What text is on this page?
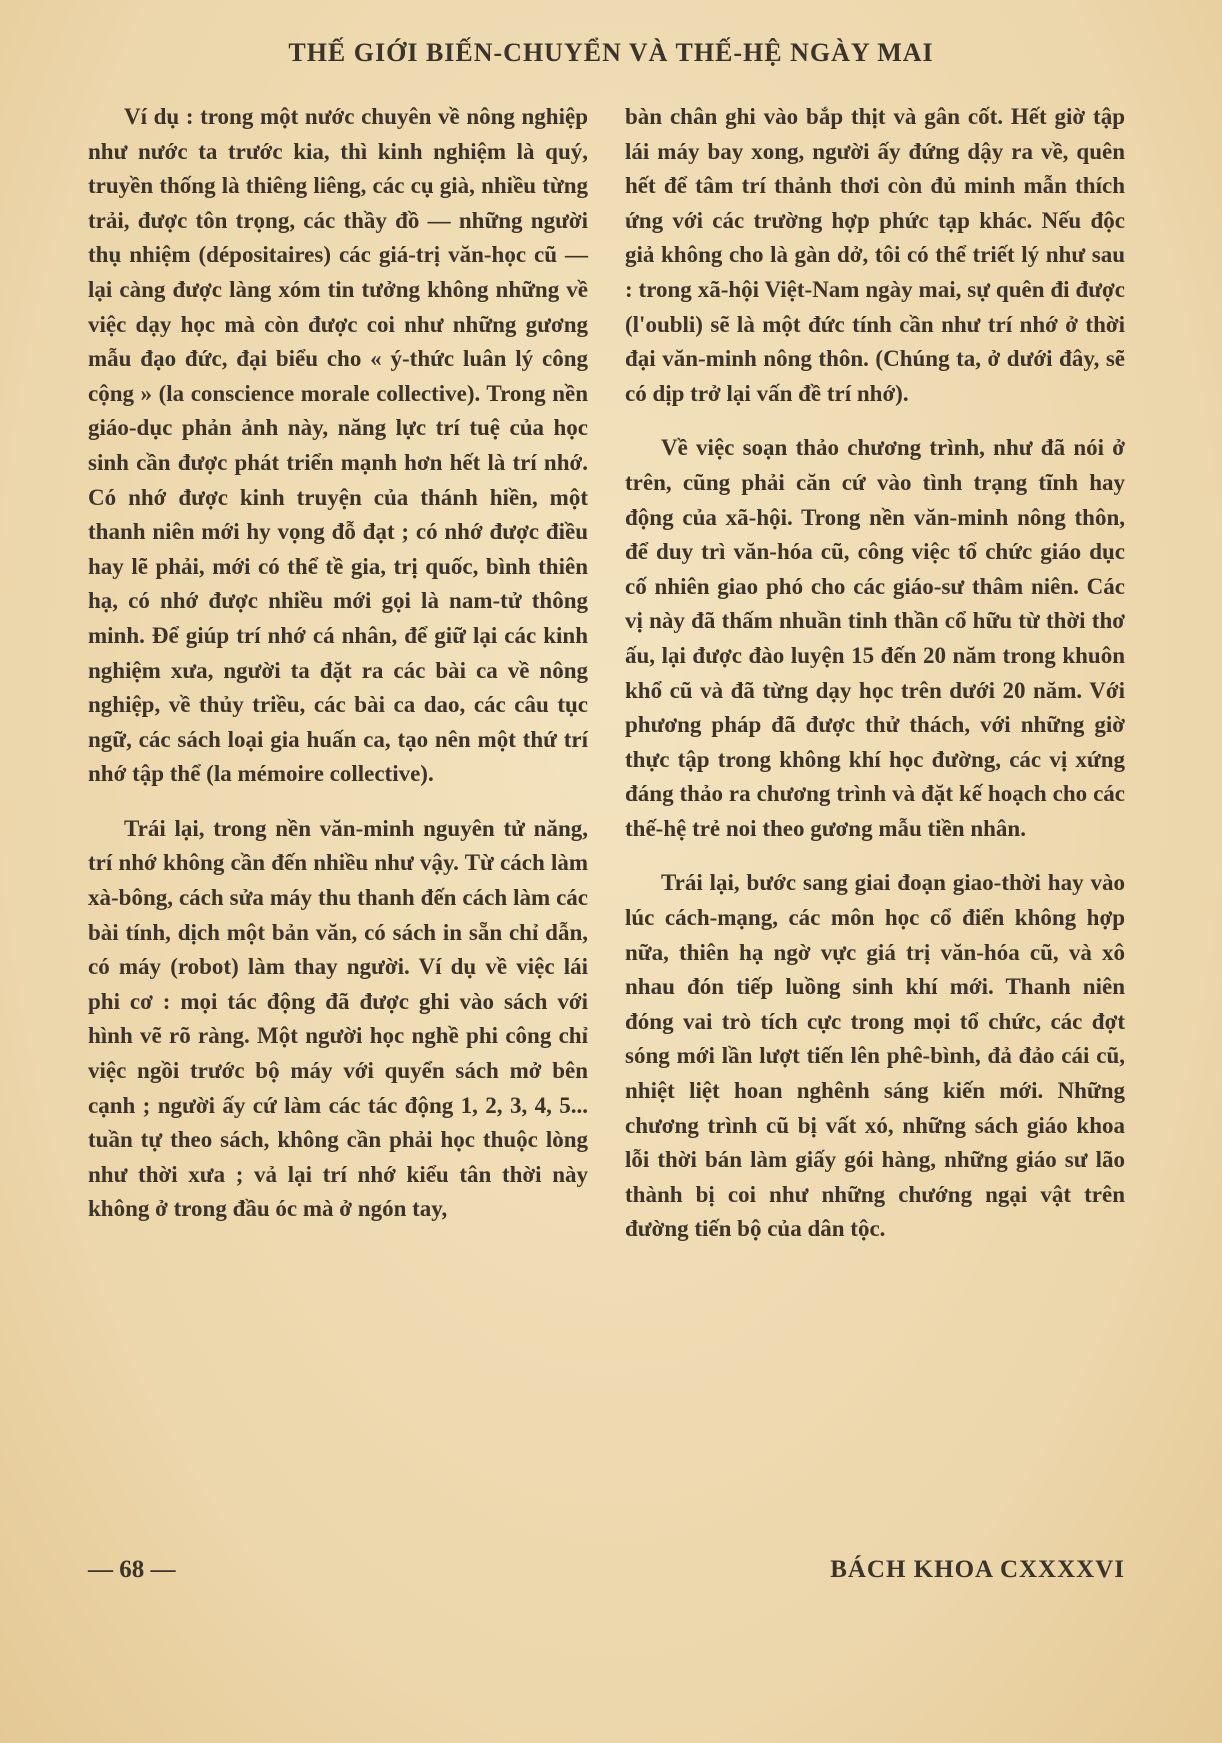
THẾ GIỚI BIẾN-CHUYỂN VÀ THẾ-HỆ NGÀY MAI

Ví dụ : trong một nước chuyên về nông nghiệp như nước ta trước kia, thì kinh nghiệm là quý, truyền thống là thiêng liêng, các cụ già, nhiều từng trải, được tôn trọng, các thầy đồ — những người thụ nhiệm (dépositaires) các giá-trị văn-học cũ — lại càng được làng xóm tin tưởng không những về việc dạy học mà còn được coi như những gương mẫu đạo đức, đại biểu cho « ý-thức luân lý công cộng » (la conscience morale collective). Trong nền giáo-dục phản ảnh này, năng lực trí tuệ của học sinh cần được phát triển mạnh hơn hết là trí nhớ. Có nhớ được kinh truyện của thánh hiền, một thanh niên mới hy vọng đỗ đạt ; có nhớ được điều hay lẽ phải, mới có thể tề gia, trị quốc, bình thiên hạ, có nhớ được nhiều mới gọi là nam-tử thông minh. Để giúp trí nhớ cá nhân, để giữ lại các kinh nghiệm xưa, người ta đặt ra các bài ca về nông nghiệp, về thủy triều, các bài ca dao, các câu tục ngữ, các sách loại gia huấn ca, tạo nên một thứ trí nhớ tập thể (la mémoire collective).

Trái lại, trong nền văn-minh nguyên tử năng, trí nhớ không cần đến nhiều như vậy. Từ cách làm xà-bông, cách sửa máy thu thanh đến cách làm các bài tính, dịch một bản văn, có sách in sẵn chỉ dẫn, có máy (robot) làm thay người. Ví dụ về việc lái phi cơ : mọi tác động đã được ghi vào sách với hình vẽ rõ ràng. Một người học nghề phi công chỉ việc ngồi trước bộ máy với quyển sách mở bên cạnh ; người ấy cứ làm các tác động 1, 2, 3, 4, 5... tuần tự theo sách, không cần phải học thuộc lòng như thời xưa ; vả lại trí nhớ kiểu tân thời này không ở trong đầu óc mà ở ngón tay,

bàn chân ghi vào bắp thịt và gân cốt. Hết giờ tập lái máy bay xong, người ấy đứng dậy ra về, quên hết để tâm trí thảnh thơi còn đủ minh mẫn thích ứng với các trường hợp phức tạp khác. Nếu độc giả không cho là gàn dở, tôi có thể triết lý như sau : trong xã-hội Việt-Nam ngày mai, sự quên đi được (l'oubli) sẽ là một đức tính cần như trí nhớ ở thời đại văn-minh nông thôn. (Chúng ta, ở dưới đây, sẽ có dịp trở lại vấn đề trí nhớ).

Về việc soạn thảo chương trình, như đã nói ở trên, cũng phải căn cứ vào tình trạng tĩnh hay động của xã-hội. Trong nền văn-minh nông thôn, để duy trì văn-hóa cũ, công việc tổ chức giáo dục cố nhiên giao phó cho các giáo-sư thâm niên. Các vị này đã thấm nhuần tinh thần cổ hữu từ thời thơ ấu, lại được đào luyện 15 đến 20 năm trong khuôn khổ cũ và đã từng dạy học trên dưới 20 năm. Với phương pháp đã được thử thách, với những giờ thực tập trong không khí học đường, các vị xứng đáng thảo ra chương trình và đặt kế hoạch cho các thế-hệ trẻ noi theo gương mẫu tiền nhân.

Trái lại, bước sang giai đoạn giao-thời hay vào lúc cách-mạng, các môn học cổ điển không hợp nữa, thiên hạ ngờ vực giá trị văn-hóa cũ, và xô nhau đón tiếp luồng sinh khí mới. Thanh niên đóng vai trò tích cực trong mọi tổ chức, các đợt sóng mới lần lượt tiến lên phê-bình, đả đảo cái cũ, nhiệt liệt hoan nghênh sáng kiến mới. Những chương trình cũ bị vất xó, những sách giáo khoa lỗi thời bán làm giấy gói hàng, những giáo sư lão thành bị coi như những chướng ngại vật trên đường tiến bộ của dân tộc.

— 68 —	BÁCH KHOA CXXXXVI
